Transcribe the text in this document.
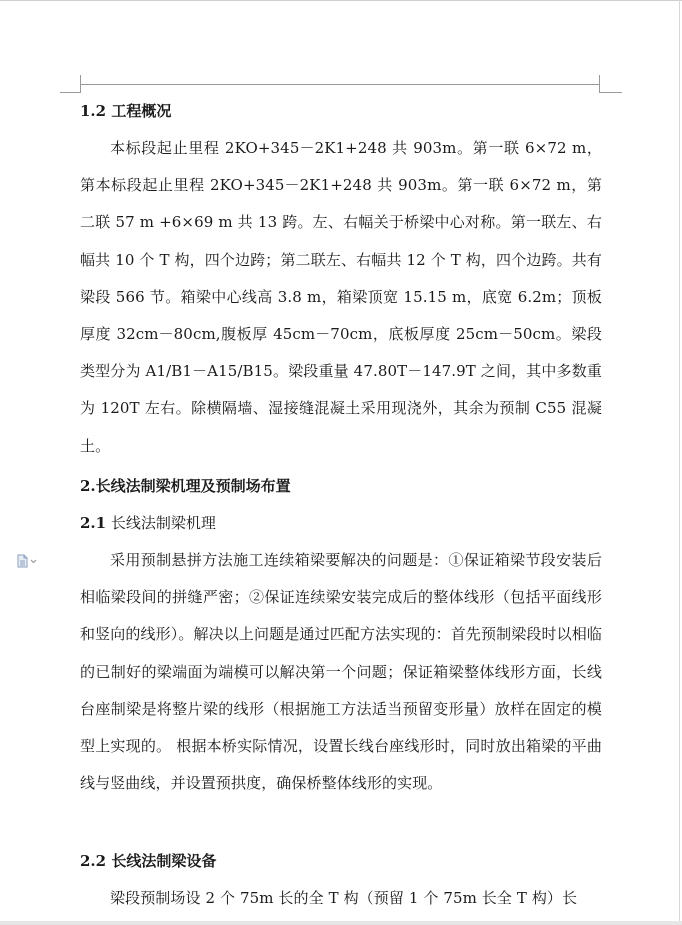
1.2 工程概况
本标段起止里程 2KO+345－2K1+248 共 903m。第一联 6×72 m，第本标段起止里程 2KO+345－2K1+248 共 903m。第一联 6×72 m，第二联 57 m +6×69 m 共 13 跨。左、右幅关于桥梁中心对称。第一联左、右幅共 10 个 T 构，四个边跨；第二联左、右幅共 12 个 T 构，四个边跨。共有梁段 566 节。箱梁中心线高 3.8 m，箱梁顶宽 15.15 m，底宽 6.2m；顶板厚度 32cm－80cm,腹板厚 45cm－70cm，底板厚度 25cm－50cm。梁段类型分为 A1/B1－A15/B15。梁段重量 47.80T－147.9T 之间，其中多数重为 120T 左右。除横隔墙、湿接缝混凝土采用现浇外，其余为预制 C55 混凝土。
2.长线法制梁机理及预制场布置
2.1 长线法制梁机理
采用预制悬拼方法施工连续箱梁要解决的问题是：①保证箱梁节段安装后相临梁段间的拼缝严密；②保证连续梁安装完成后的整体线形（包括平面线形和竖向的线形）。解决以上问题是通过匹配方法实现的：首先预制梁段时以相临的已制好的梁端面为端模可以解决第一个问题；保证箱梁整体线形方面，长线台座制梁是将整片梁的线形（根据施工方法适当预留变形量）放样在固定的模型上实现的。 根据本桥实际情况，设置长线台座线形时，同时放出箱梁的平曲线与竖曲线，并设置预拱度，确保桥整体线形的实现。
2.2 长线法制梁设备
梁段预制场设 2 个 75m 长的全 T 构（预留 1 个 75m 长全 T 构）长
